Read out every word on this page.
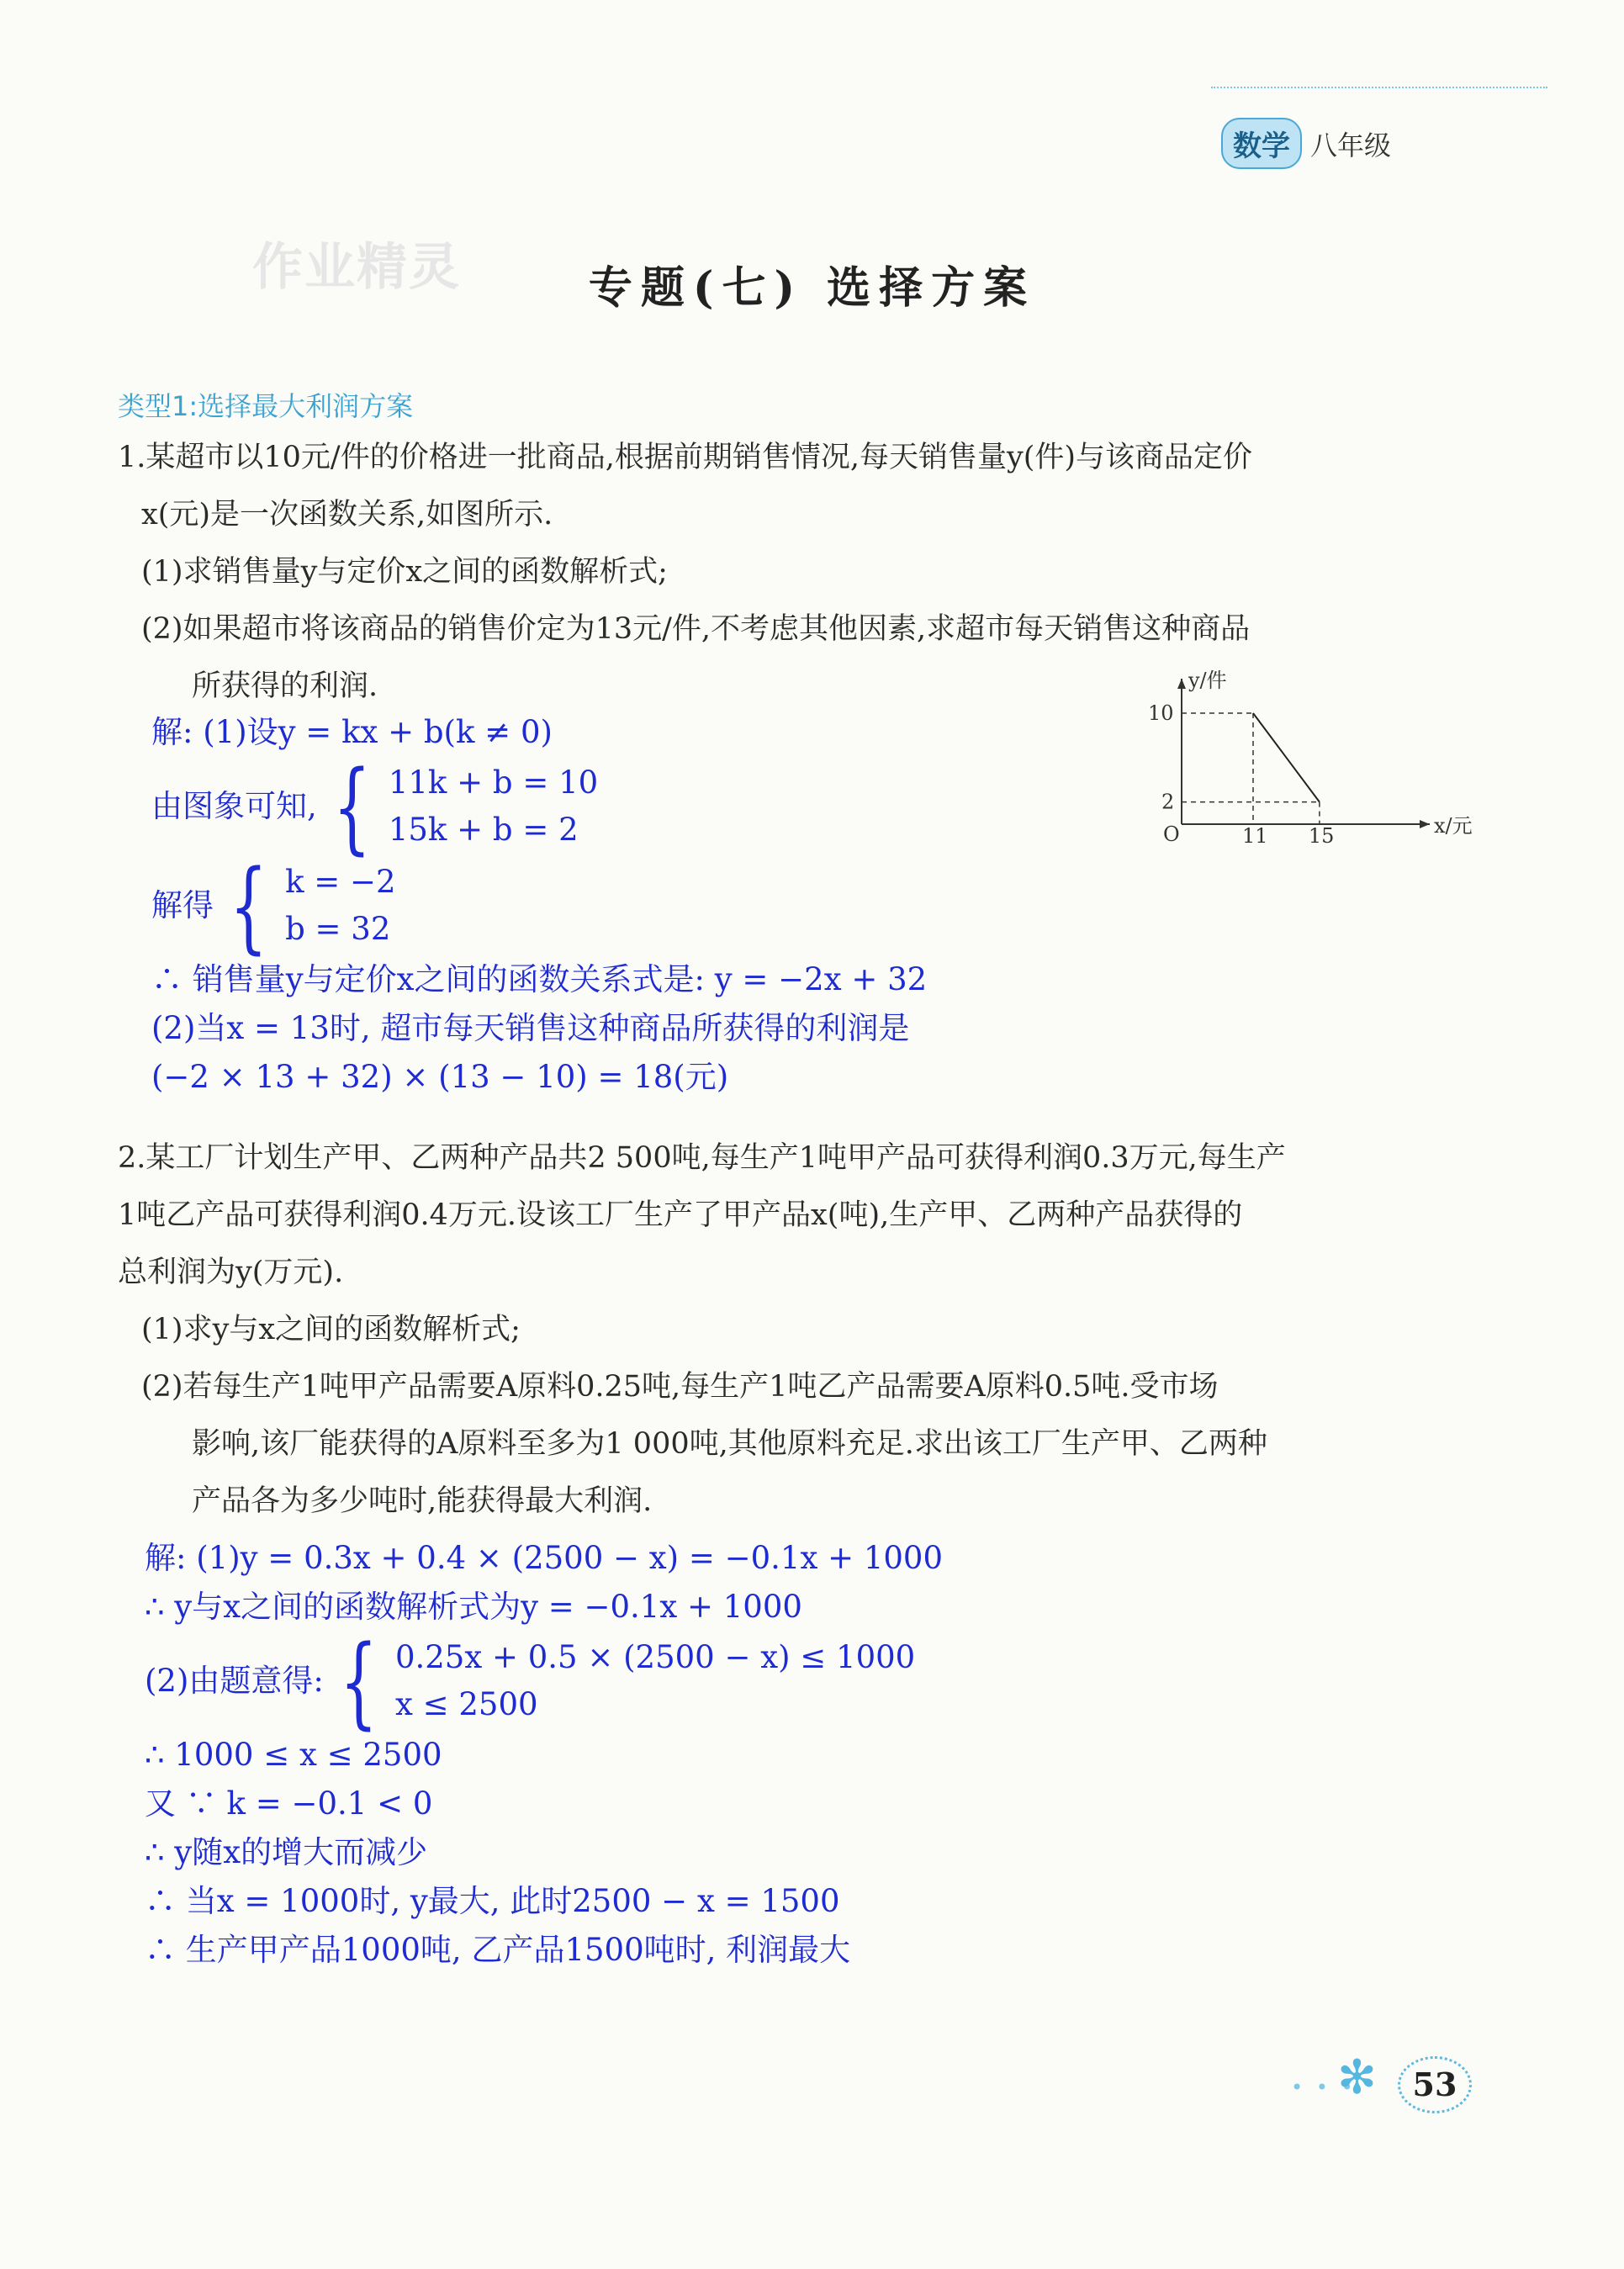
数学 八年级
作业精灵	专题(七) 选择方案
类型1:选择最大利润方案
1.某超市以10元/件的价格进一批商品,根据前期销售情况,每天销售量y(件)与该商品定价
x(元)是一次函数关系,如图所示.
(1)求销售量y与定价x之间的函数解析式;
(2)如果超市将该商品的销售价定为13元/件,不考虑其他因素,求超市每天销售这种商品
所获得的利润.
解: (1)设y = kx + b(k ≠ 0)
由图象可知, { 11k + b = 10
15k + b = 2
解得 { k = −2
b = 32
∴ 销售量y与定价x之间的函数关系式是: y = −2x + 32
(2)当x = 13时, 超市每天销售这种商品所获得的利润是
(−2 × 13 + 32) × (13 − 10) = 18(元)
y/件
x/元
O
10
2
11 15
2.某工厂计划生产甲、乙两种产品共2 500吨,每生产1吨甲产品可获得利润0.3万元,每生产
1吨乙产品可获得利润0.4万元.设该工厂生产了甲产品x(吨),生产甲、乙两种产品获得的
总利润为y(万元).
(1)求y与x之间的函数解析式;
(2)若每生产1吨甲产品需要A原料0.25吨,每生产1吨乙产品需要A原料0.5吨.受市场
影响,该厂能获得的A原料至多为1 000吨,其他原料充足.求出该工厂生产甲、乙两种
产品各为多少吨时,能获得最大利润.
解: (1)y = 0.3x + 0.4 × (2500 − x) = −0.1x + 1000
∴ y与x之间的函数解析式为y = −0.1x + 1000
(2)由题意得: { 0.25x + 0.5 × (2500 − x) ≤ 1000
x ≤ 2500
∴ 1000 ≤ x ≤ 2500
又 ∵ k = −0.1 < 0
∴ y随x的增大而减少
∴ 当x = 1000时, y最大, 此时2500 − x = 1500
∴ 生产甲产品1000吨, 乙产品1500吨时, 利润最大
• • •
✻	53
